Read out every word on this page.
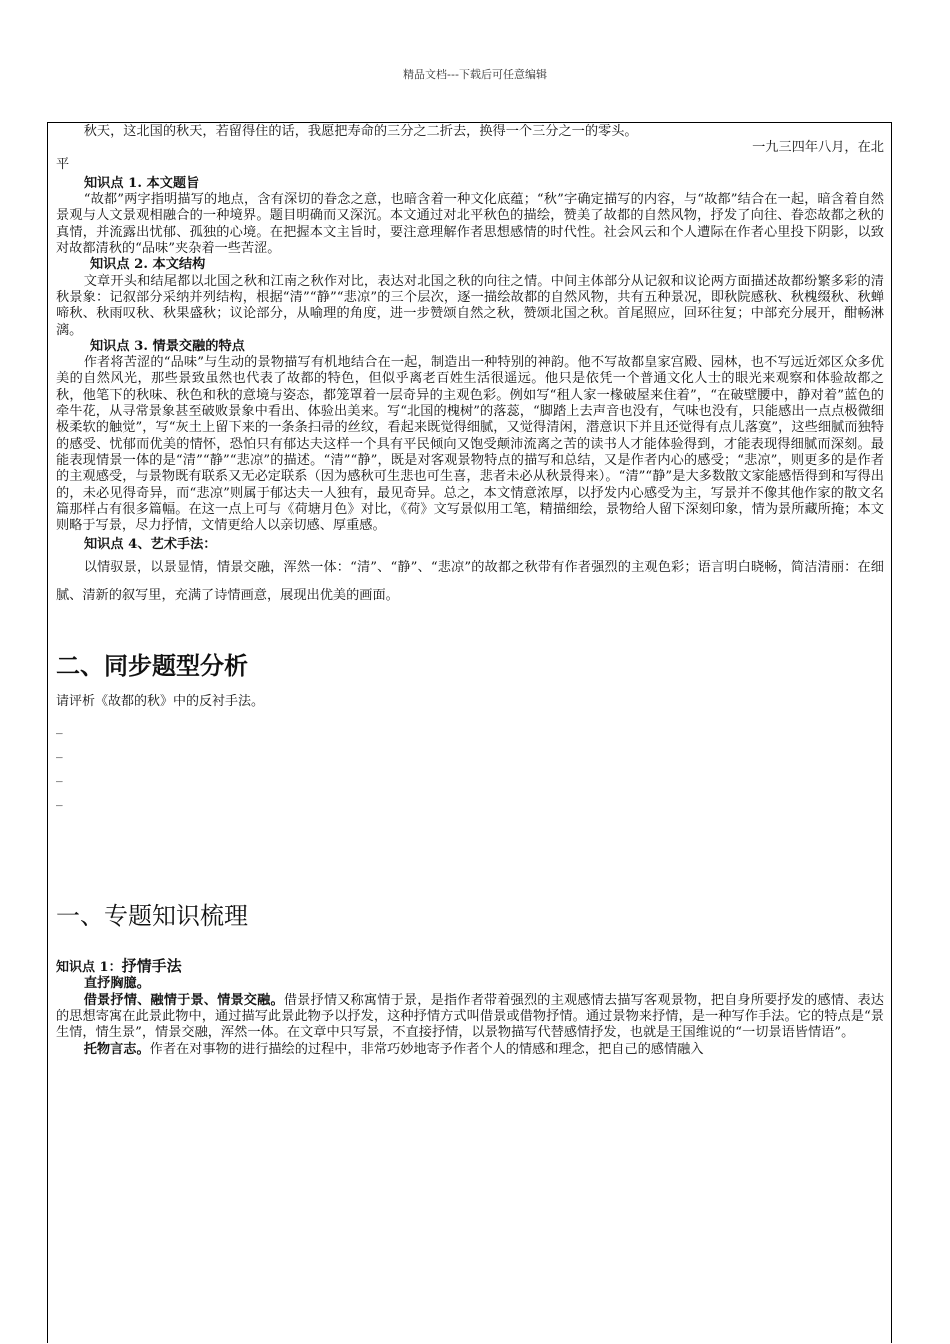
精品文档---下载后可任意编辑

秋天，这北国的秋天，若留得住的话，我愿把寿命的三分之二折去，换得一个三分之一的零头。

一九三四年八月，在北

平

知识点 1. 本文题旨

“故都”两字指明描写的地点，含有深切的眷念之意，也暗含着一种文化底蕴；“秋”字确定描写的内容，与“故都”结合在一起，暗含着自然景观与人文景观相融合的一种境界。题目明确而又深沉。本文通过对北平秋色的描绘，赞美了故都的自然风物，抒发了向往、眷恋故都之秋的真情，并流露出忧郁、孤独的心境。在把握本文主旨时，要注意理解作者思想感情的时代性。社会风云和个人遭际在作者心里投下阴影，以致对故都清秋的“品味”夹杂着一些苦涩。

知识点 2. 本文结构

文章开头和结尾都以北国之秋和江南之秋作对比，表达对北国之秋的向往之情。中间主体部分从记叙和议论两方面描述故都纷繁多彩的清秋景象：记叙部分采纳并列结构，根据“清”“静”“悲凉”的三个层次，逐一描绘故都的自然风物，共有五种景况，即秋院感秋、秋槐缀秋、秋蝉啼秋、秋雨叹秋、秋果盛秋；议论部分，从喻理的角度，进一步赞颂自然之秋，赞颂北国之秋。首尾照应，回环往复；中部充分展开，酣畅淋漓。

知识点 3. 情景交融的特点

作者将苦涩的“品味”与生动的景物描写有机地结合在一起，制造出一种特别的神韵。他不写故都皇家宫殿、园林，也不写远近郊区众多优美的自然风光，那些景致虽然也代表了故都的特色，但似乎离老百姓生活很遥远。他只是依凭一个普通文化人士的眼光来观察和体验故都之秋，他笔下的秋味、秋色和秋的意境与姿态，都笼罩着一层奇异的主观色彩。例如写“租人家一椽破屋来住着”，“在破壁腰中，静对着”蓝色的牵牛花，从寻常景象甚至破败景象中看出、体验出美来。写“北国的槐树”的落蕊，“脚踏上去声音也没有，气味也没有，只能感出一点点极微细极柔软的触觉”，写“灰土上留下来的一条条扫帚的丝纹，看起来既觉得细腻，又觉得清闲，潜意识下并且还觉得有点儿落寞”，这些细腻而独特的感受、忧郁而优美的情怀，恐怕只有郁达夫这样一个具有平民倾向又饱受颠沛流离之苦的读书人才能体验得到，才能表现得细腻而深刻。最能表现情景一体的是“清”“静”“悲凉”的描述。“清”“静”，既是对客观景物特点的描写和总结，又是作者内心的感受；“悲凉”，则更多的是作者的主观感受，与景物既有联系又无必定联系（因为感秋可生悲也可生喜，悲者未必从秋景得来）。“清”“静”是大多数散文家能感悟得到和写得出的，未必见得奇异，而“悲凉”则属于郁达夫一人独有，最见奇异。总之，本文情意浓厚，以抒发内心感受为主，写景并不像其他作家的散文名篇那样占有很多篇幅。在这一点上可与《荷塘月色》对比，《荷》文写景似用工笔，精描细绘，景物给人留下深刻印象，情为景所藏所掩；本文则略于写景，尽力抒情，文情更给人以亲切感、厚重感。

知识点 4、艺术手法：

以情驭景，以景显情，情景交融，浑然一体：“清”、“静”、“悲凉”的故都之秋带有作者强烈的主观色彩；语言明白晓畅，简洁清丽：在细腻、清新的叙写里，充满了诗情画意，展现出优美的画面。

二、同步题型分析

请评析《故都的秋》中的反衬手法。

_
_
_
_
一、专题知识梳理

知识点 1：抒情手法

直抒胸臆。

借景抒情、融情于景、情景交融。借景抒情又称寓情于景，是指作者带着强烈的主观感情去描写客观景物，把自身所要抒发的感情、表达的思想寄寓在此景此物中，通过描写此景此物予以抒发，这种抒情方式叫借景或借物抒情。通过景物来抒情，是一种写作手法。它的特点是“景生情，情生景”，情景交融，浑然一体。在文章中只写景，不直接抒情，以景物描写代替感情抒发，也就是王国维说的“一切景语皆情语”。

托物言志。作者在对事物的进行描绘的过程中，非常巧妙地寄予作者个人的情感和理念，把自己的感情融入
